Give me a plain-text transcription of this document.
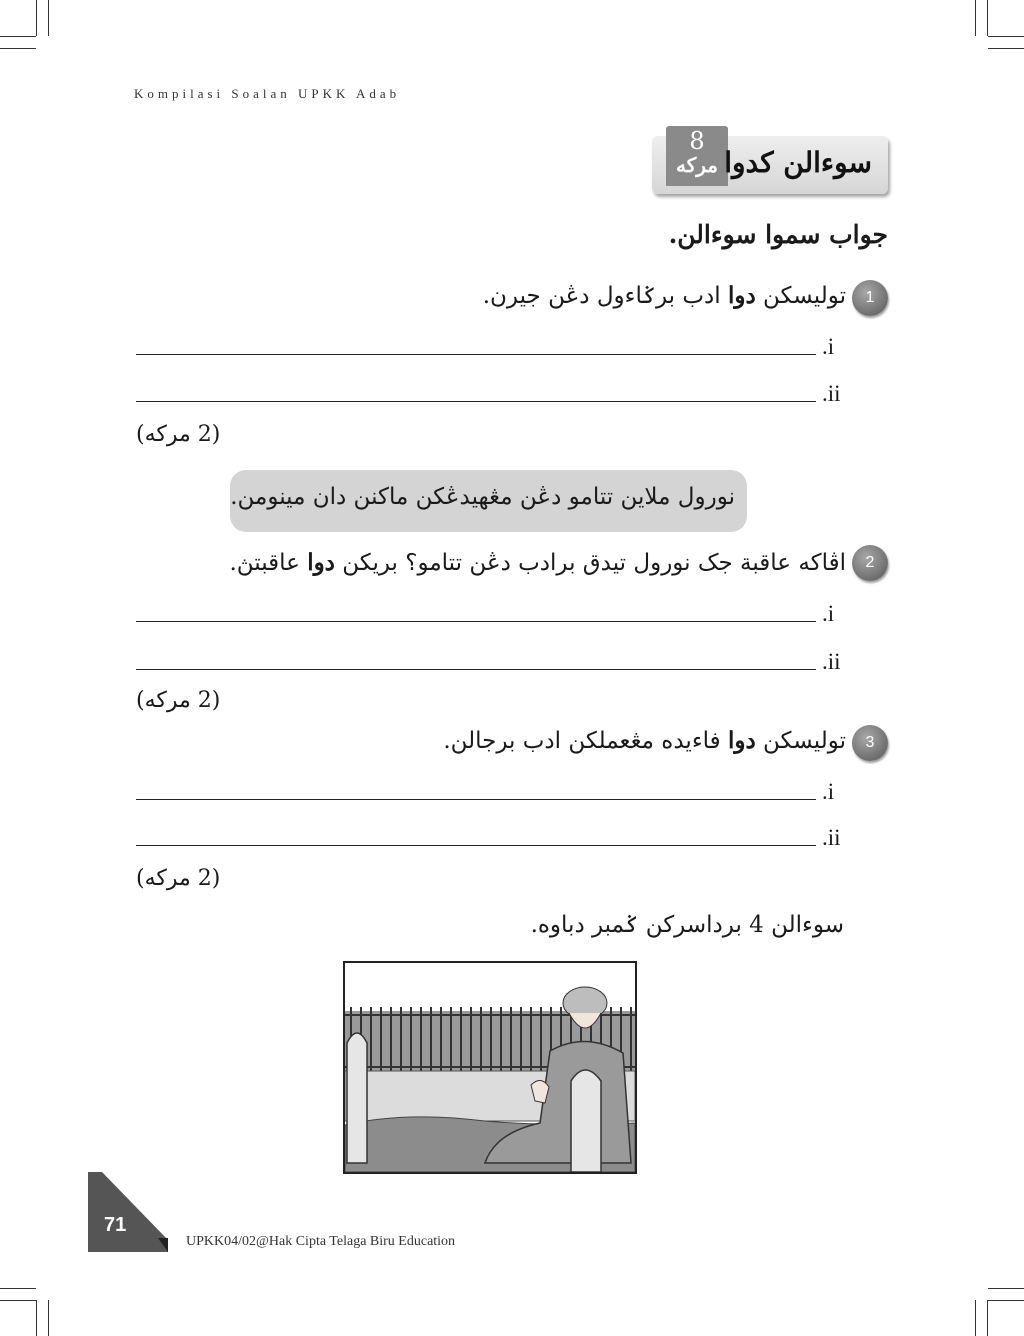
Kompilasi Soalan UPKK Adab
8
مركه سوءالن كدوا
جواب سموا سوءالن.
1
توليسكن دوا ادب برݢاءول دڠن جيرن.
.i
.ii
(2 مركه)
نورول ملاين تتامو دڠن مڠهيدڠكن ماكنن دان مينومن.
2
اڤاكه عاقبة جک نورول تيدق برادب دڠن تتامو؟ بريكن دوا عاقبتڽ.
.i
.ii
(2 مركه)
3
توليسكن دوا فاءيده مڠعملكن ادب برجالن.
.i
.ii
(2 مركه)
سوءالن 4 برداسركن ݢمبر دباوه.
71
UPKK04/02@Hak Cipta Telaga Biru Education
